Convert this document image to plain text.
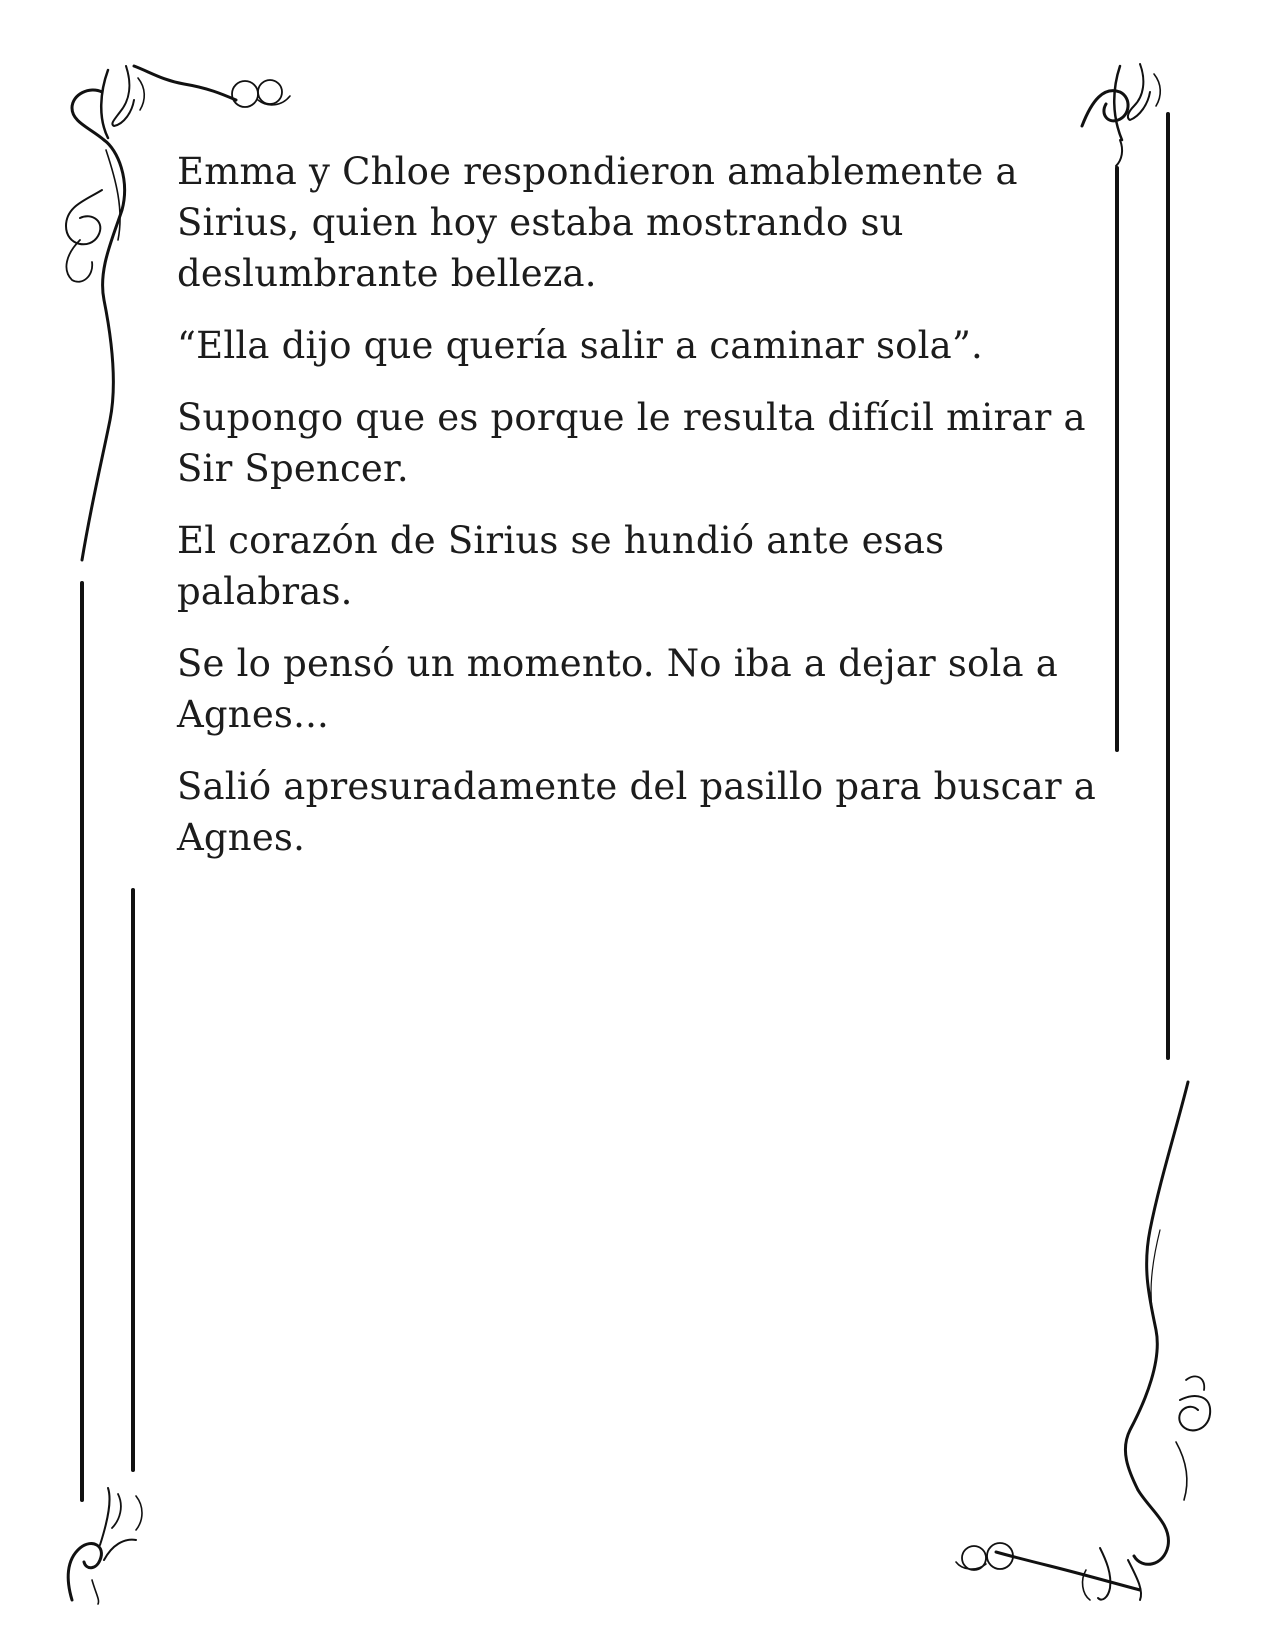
Emma y Chloe respondieron amablemente a Sirius, quien hoy estaba mostrando su deslumbrante belleza.

“Ella dijo que quería salir a caminar sola”.

Supongo que es porque le resulta difícil mirar a Sir Spencer.

El corazón de Sirius se hundió ante esas palabras.

Se lo pensó un momento. No iba a dejar sola a Agnes...

Salió apresuradamente del pasillo para buscar a Agnes.
